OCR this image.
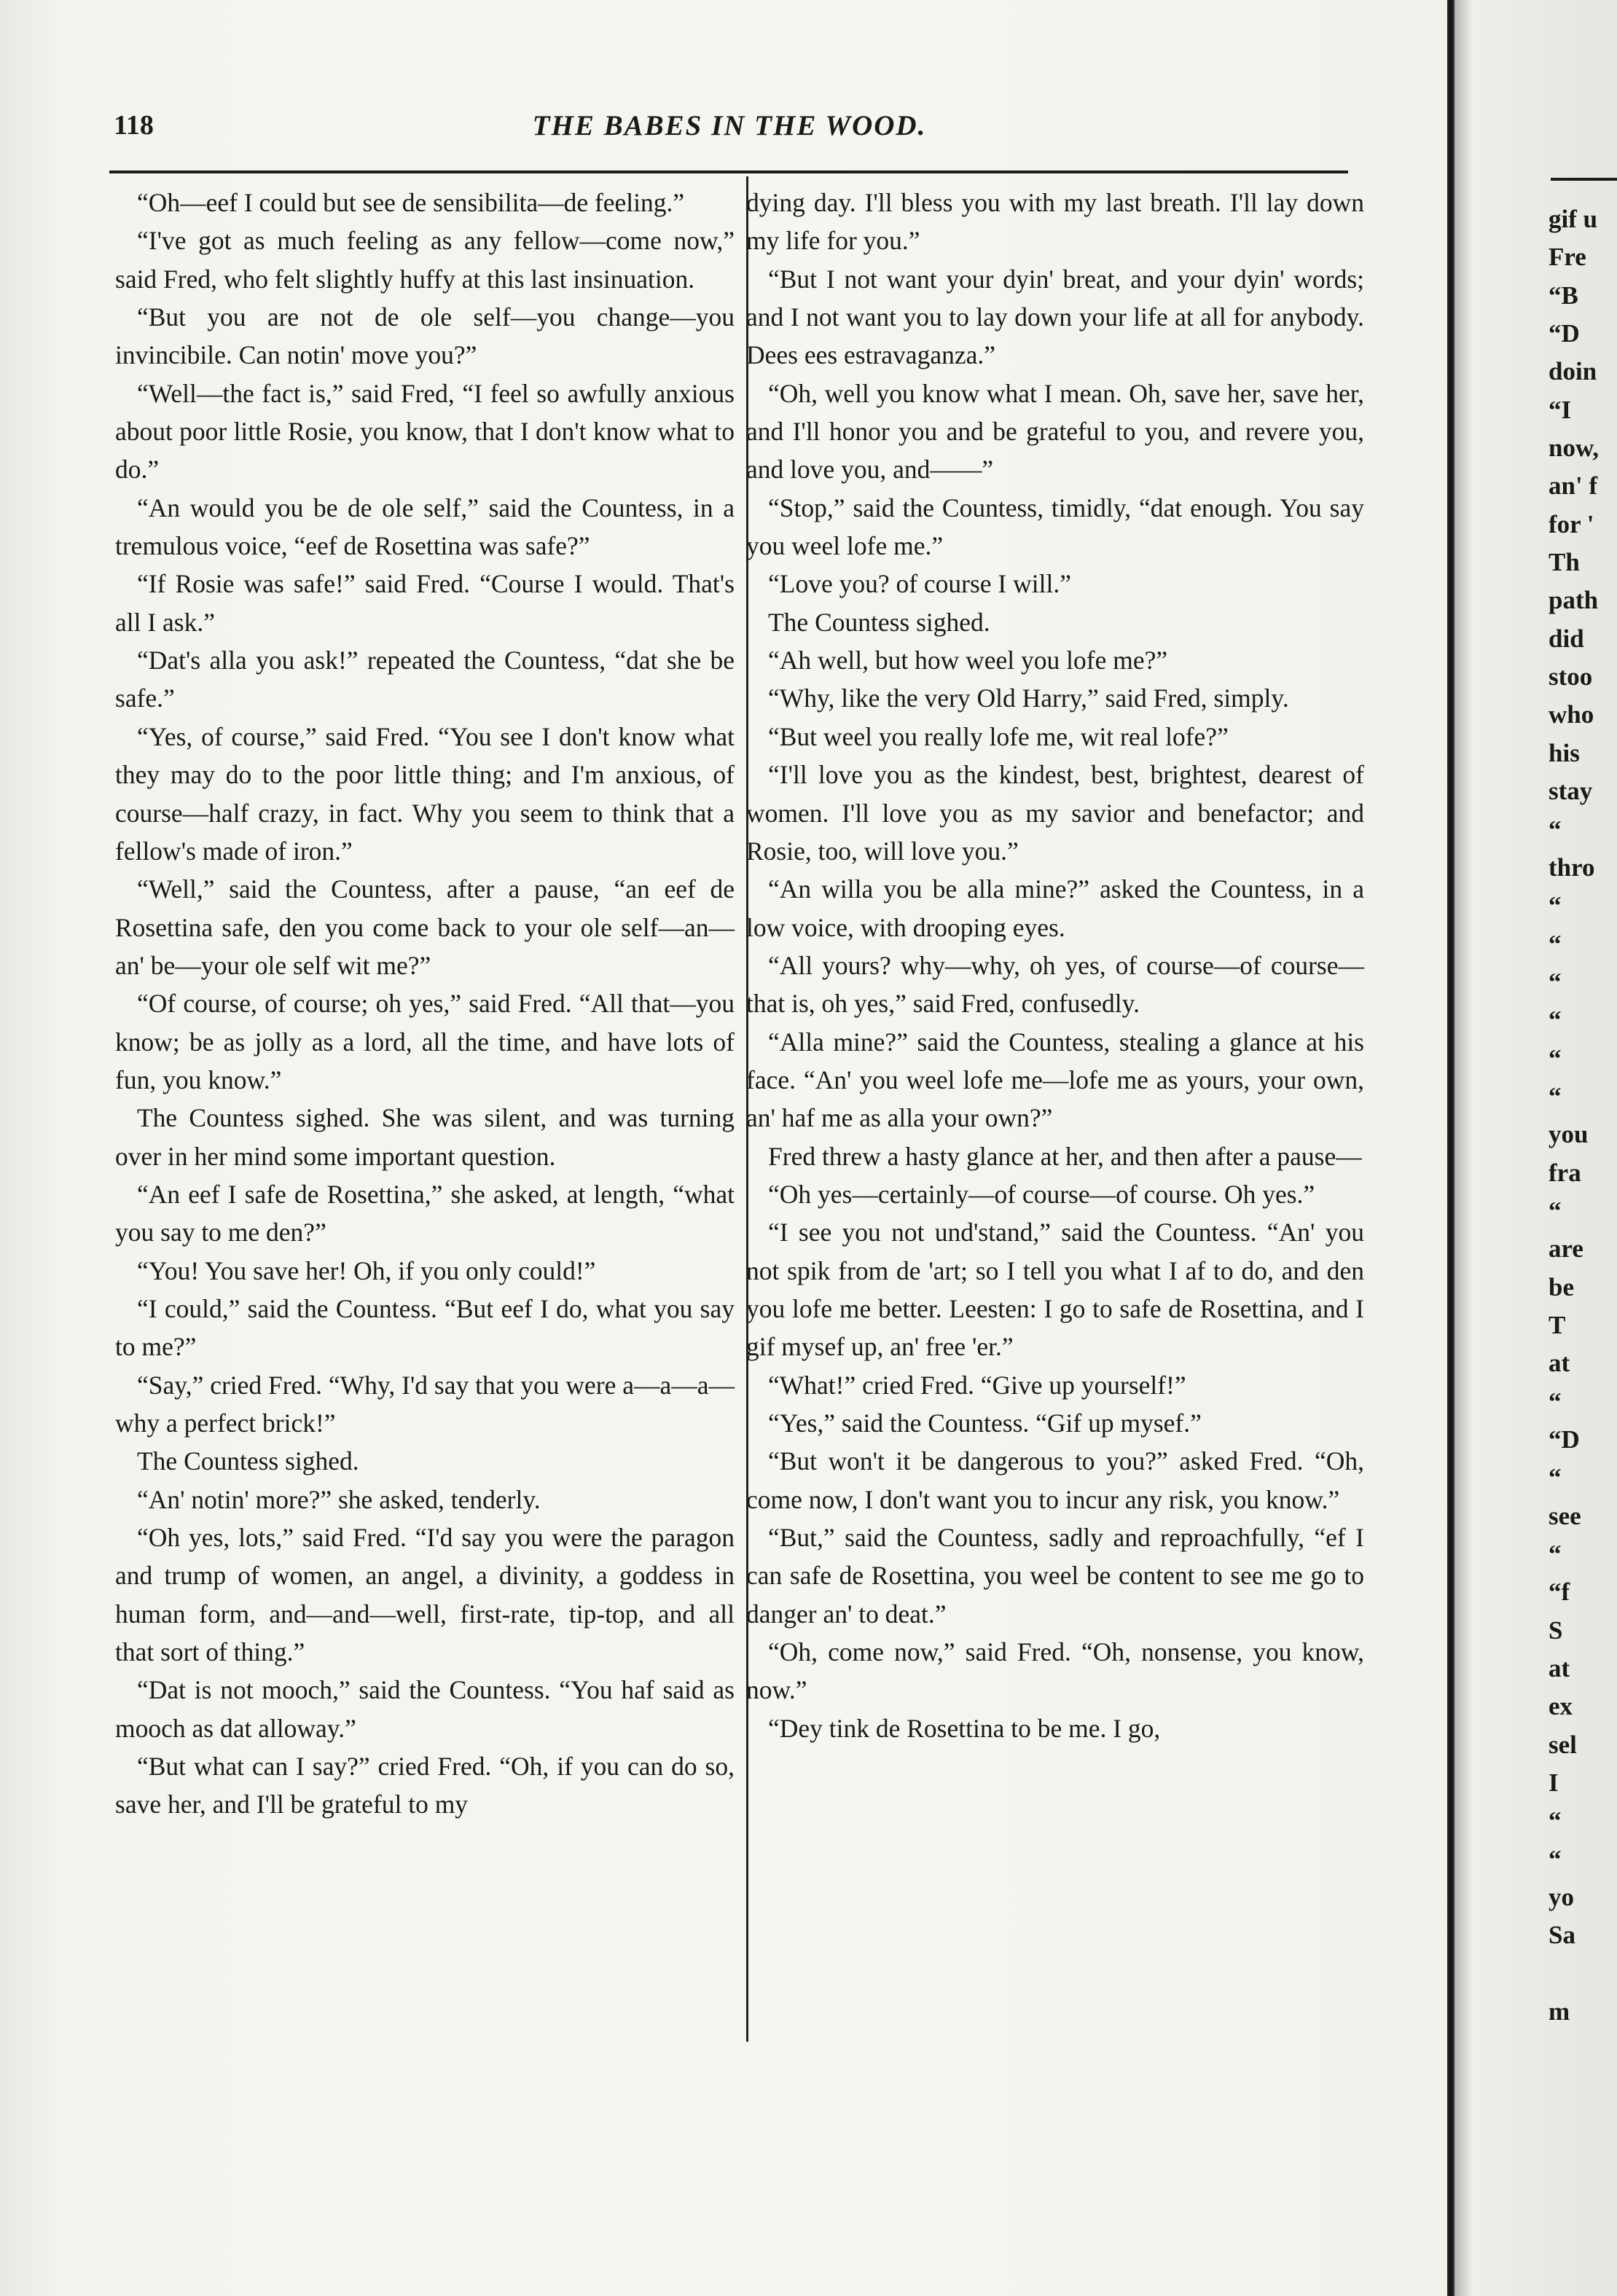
118	THE BABES IN THE WOOD.

“Oh—eef I could but see de sensibilita—de feeling.”

“I've got as much feeling as any fellow—come now,” said Fred, who felt slightly huffy at this last insinuation.

“But you are not de ole self—you change—you invincibile. Can notin' move you?”

“Well—the fact is,” said Fred, “I feel so awfully anxious about poor little Rosie, you know, that I don't know what to do.”

“An would you be de ole self,” said the Countess, in a tremulous voice, “eef de Rosettina was safe?”

“If Rosie was safe!” said Fred. “Course I would. That's all I ask.”

“Dat's alla you ask!” repeated the Countess, “dat she be safe.”

“Yes, of course,” said Fred. “You see I don't know what they may do to the poor little thing; and I'm anxious, of course—half crazy, in fact. Why you seem to think that a fellow's made of iron.”

“Well,” said the Countess, after a pause, “an eef de Rosettina safe, den you come back to your ole self—an—an' be—your ole self wit me?”

“Of course, of course; oh yes,” said Fred. “All that—you know; be as jolly as a lord, all the time, and have lots of fun, you know.”

The Countess sighed. She was silent, and was turning over in her mind some important question.

“An eef I safe de Rosettina,” she asked, at length, “what you say to me den?”

“You! You save her! Oh, if you only could!”

“I could,” said the Countess. “But eef I do, what you say to me?”

“Say,” cried Fred. “Why, I'd say that you were a—a—a—why a perfect brick!”

The Countess sighed.

“An' notin' more?” she asked, tenderly.

“Oh yes, lots,” said Fred. “I'd say you were the paragon and trump of women, an angel, a divinity, a goddess in human form, and—and—well, first-rate, tip-top, and all that sort of thing.”

“Dat is not mooch,” said the Countess. “You haf said as mooch as dat alloway.”

“But what can I say?” cried Fred. “Oh, if you can do so, save her, and I'll be grateful to my

dying day. I'll bless you with my last breath. I'll lay down my life for you.”

“But I not want your dyin' breat, and your dyin' words; and I not want you to lay down your life at all for anybody. Dees ees estravaganza.”

“Oh, well you know what I mean. Oh, save her, save her, and I'll honor you and be grateful to you, and revere you, and love you, and——”

“Stop,” said the Countess, timidly, “dat enough. You say you weel lofe me.”

“Love you? of course I will.”

The Countess sighed.

“Ah well, but how weel you lofe me?”

“Why, like the very Old Harry,” said Fred, simply.

“But weel you really lofe me, wit real lofe?”

“I'll love you as the kindest, best, brightest, dearest of women. I'll love you as my savior and benefactor; and Rosie, too, will love you.”

“An willa you be alla mine?” asked the Countess, in a low voice, with drooping eyes.

“All yours? why—why, oh yes, of course—of course—that is, oh yes,” said Fred, confusedly.

“Alla mine?” said the Countess, stealing a glance at his face. “An' you weel lofe me—lofe me as yours, your own, an' haf me as alla your own?”

Fred threw a hasty glance at her, and then after a pause—

“Oh yes—certainly—of course—of course. Oh yes.”

“I see you not und'stand,” said the Countess. “An' you not spik from de 'art; so I tell you what I af to do, and den you lofe me better. Leesten: I go to safe de Rosettina, and I gif mysef up, an' free 'er.”

“What!” cried Fred. “Give up yourself!”

“Yes,” said the Countess. “Gif up mysef.”

“But won't it be dangerous to you?” asked Fred. “Oh, come now, I don't want you to incur any risk, you know.”

“But,” said the Countess, sadly and reproachfully, “ef I can safe de Rosettina, you weel be content to see me go to danger an' to deat.”

“Oh, come now,” said Fred. “Oh, nonsense, you know, now.”

“Dey tink de Rosettina to be me. I go,

gif u
Fre
“B
“D
doin
“I
now,
an' f
for '
Th
path
did
stoo
who
his
stay
“
thro
“
“
“
“
“
“
you
fra
“
are
be
T
at
“
“D
“
see
“
“f
S
at
ex
sel
I
“
“
yo
Sa
m
